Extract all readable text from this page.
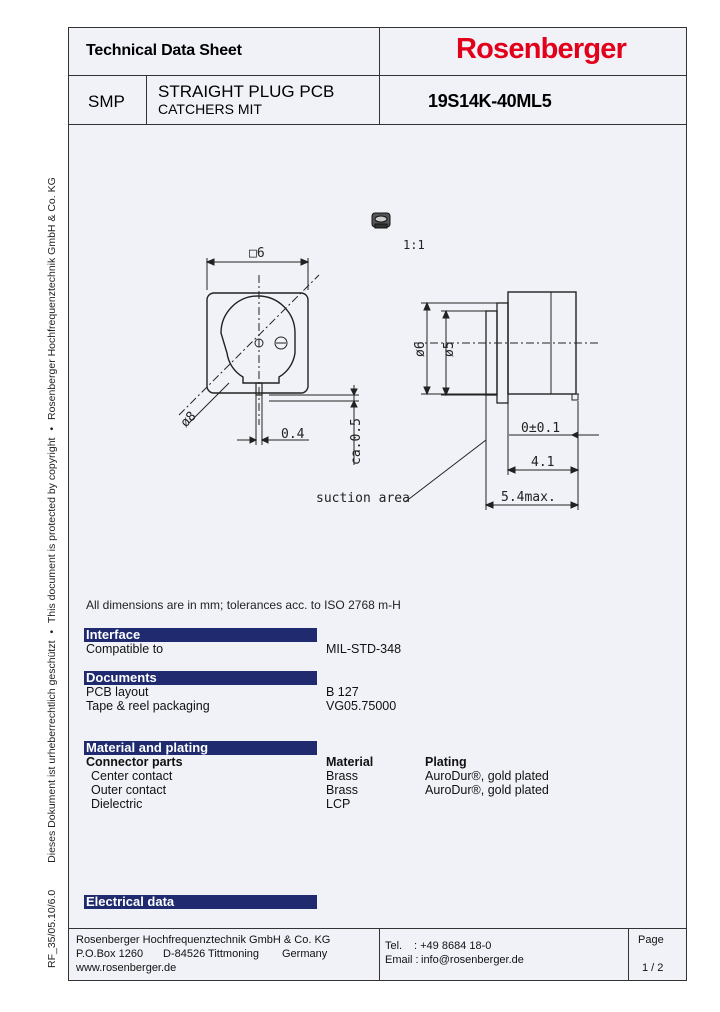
Technical Data Sheet	Rosenberger
SMP
STRAIGHT PLUG PCB
CATCHERS MIT	19S14K-40ML5
RF_35/05.10/6.0 Dieses Dokument ist urheberrechtlich geschützt • This document is protected by copyright • Rosenberger Hochfrequenztechnik GmbH & Co. KG	1:1
□6
ø8
0.4	ca.0.5
ø6 ø5
0±0.1
4.1
5.4max.
suction area
All dimensions are in mm; tolerances acc. to ISO 2768 m-H
Interface
Compatible to	MIL-STD-348
Documents
PCB layout	B 127
Tape & reel packaging	VG05.75000
Material and plating
Connector parts	Material	Plating
Center contact	Brass	AuroDur®, gold plated
Outer contact	Brass	AuroDur®, gold plated
Dielectric	LCP
Electrical data
Rosenberger Hochfrequenztechnik GmbH & Co. KG
P.O.Box 1260 D-84526 Tittmoning Germany
www.rosenberger.de
Tel. : +49 8684 18-0
Email : info@rosenberger.de
Page
1 / 2
